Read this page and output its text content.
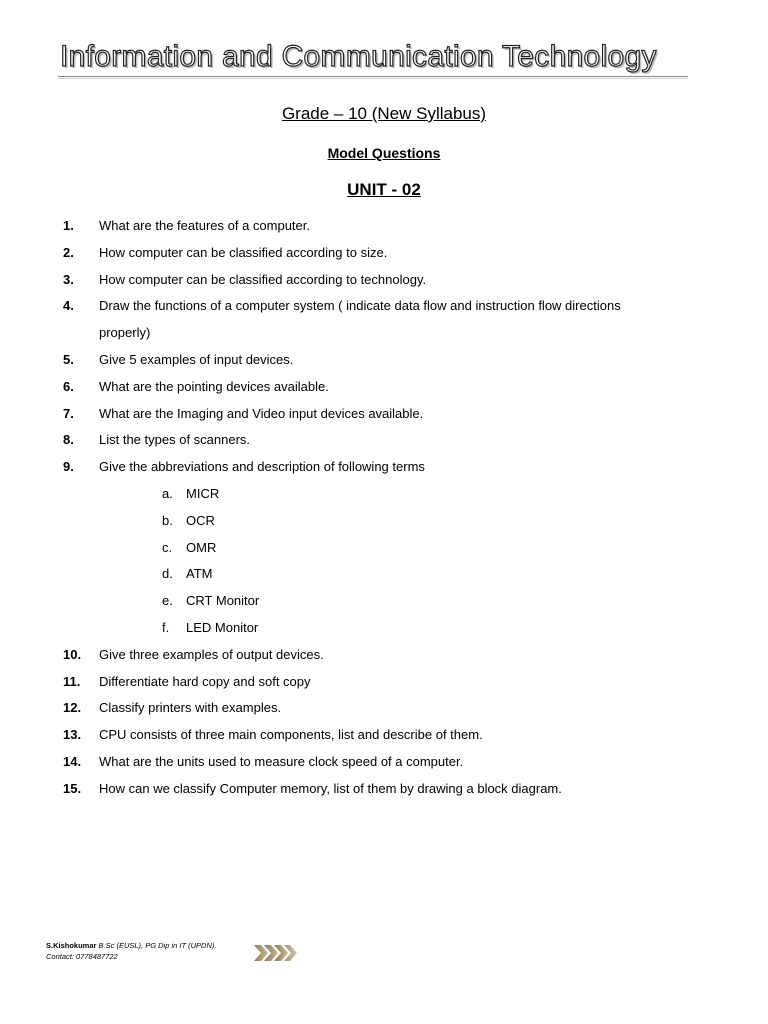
Information and Communication Technology
Grade – 10 (New Syllabus)
Model Questions
UNIT - 02
1.	What are the features of a computer.
2.	How computer can be classified according to size.
3.	How computer can be classified according to technology.
4.	Draw the functions of a computer system ( indicate data flow and instruction flow directions
properly)
5.	Give 5 examples of input devices.
6.	What are the pointing devices available.
7.	What are the Imaging and Video input devices available.
8.	List the types of scanners.
9.	Give the abbreviations and description of following terms
a.	MICR
b.	OCR
c.	OMR
d.	ATM
e.	CRT Monitor
f.	LED Monitor
10.	Give three examples of output devices.
11.	Differentiate hard copy and soft copy
12.	Classify printers with examples.
13.	CPU consists of three main components, list and describe of them.
14.	What are the units used to measure clock speed of a computer.
15.	How can we classify Computer memory, list of them by drawing a block diagram.
S.Kishokumar B.Sc (EUSL), PG Dip in IT (UPDN).
Contact: 0778487722
